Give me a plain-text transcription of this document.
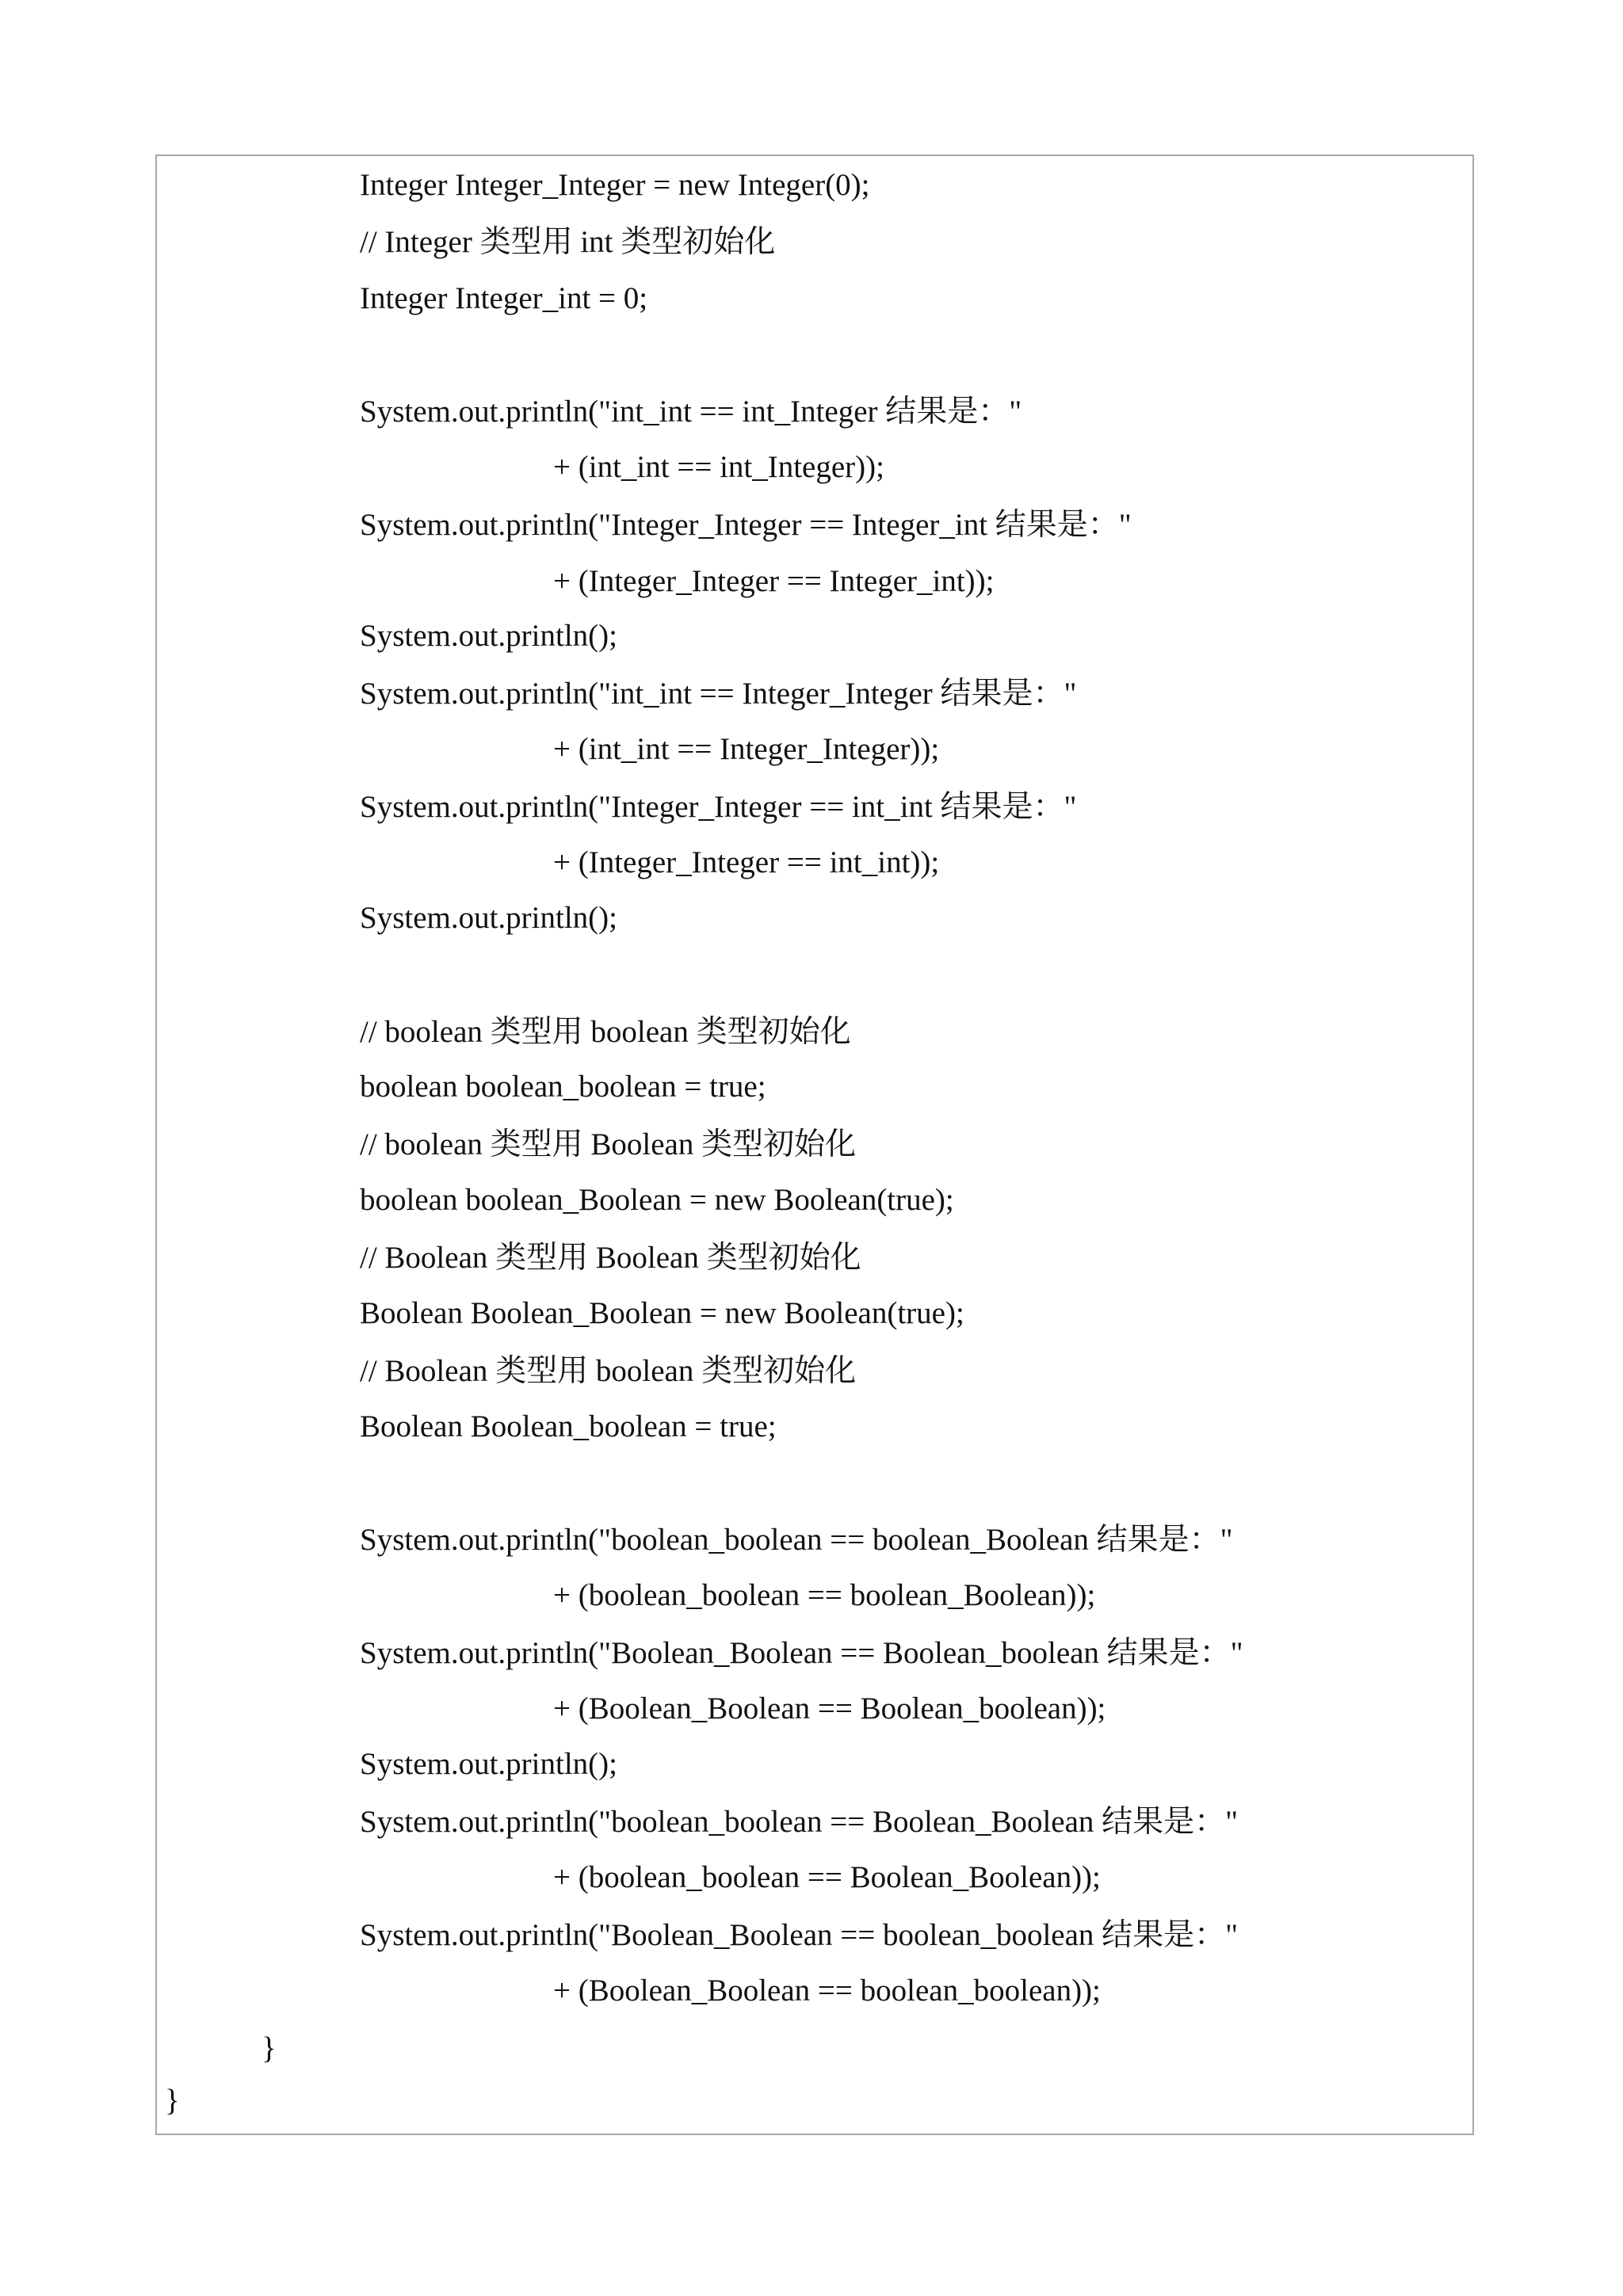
Integer Integer_Integer = new Integer(0);
// Integer 类型用 int 类型初始化
Integer Integer_int = 0;
System.out.println("int_int == int_Integer 结果是："
+ (int_int == int_Integer));
System.out.println("Integer_Integer == Integer_int 结果是："
+ (Integer_Integer == Integer_int));
System.out.println();
System.out.println("int_int == Integer_Integer 结果是："
+ (int_int == Integer_Integer));
System.out.println("Integer_Integer == int_int 结果是："
+ (Integer_Integer == int_int));
System.out.println();
// boolean 类型用 boolean 类型初始化
boolean boolean_boolean = true;
// boolean 类型用 Boolean 类型初始化
boolean boolean_Boolean = new Boolean(true);
// Boolean 类型用 Boolean 类型初始化
Boolean Boolean_Boolean = new Boolean(true);
// Boolean 类型用 boolean 类型初始化
Boolean Boolean_boolean = true;
System.out.println("boolean_boolean == boolean_Boolean 结果是："
+ (boolean_boolean == boolean_Boolean));
System.out.println("Boolean_Boolean == Boolean_boolean 结果是："
+ (Boolean_Boolean == Boolean_boolean));
System.out.println();
System.out.println("boolean_boolean == Boolean_Boolean 结果是："
+ (boolean_boolean == Boolean_Boolean));
System.out.println("Boolean_Boolean == boolean_boolean 结果是："
+ (Boolean_Boolean == boolean_boolean));
}
}
